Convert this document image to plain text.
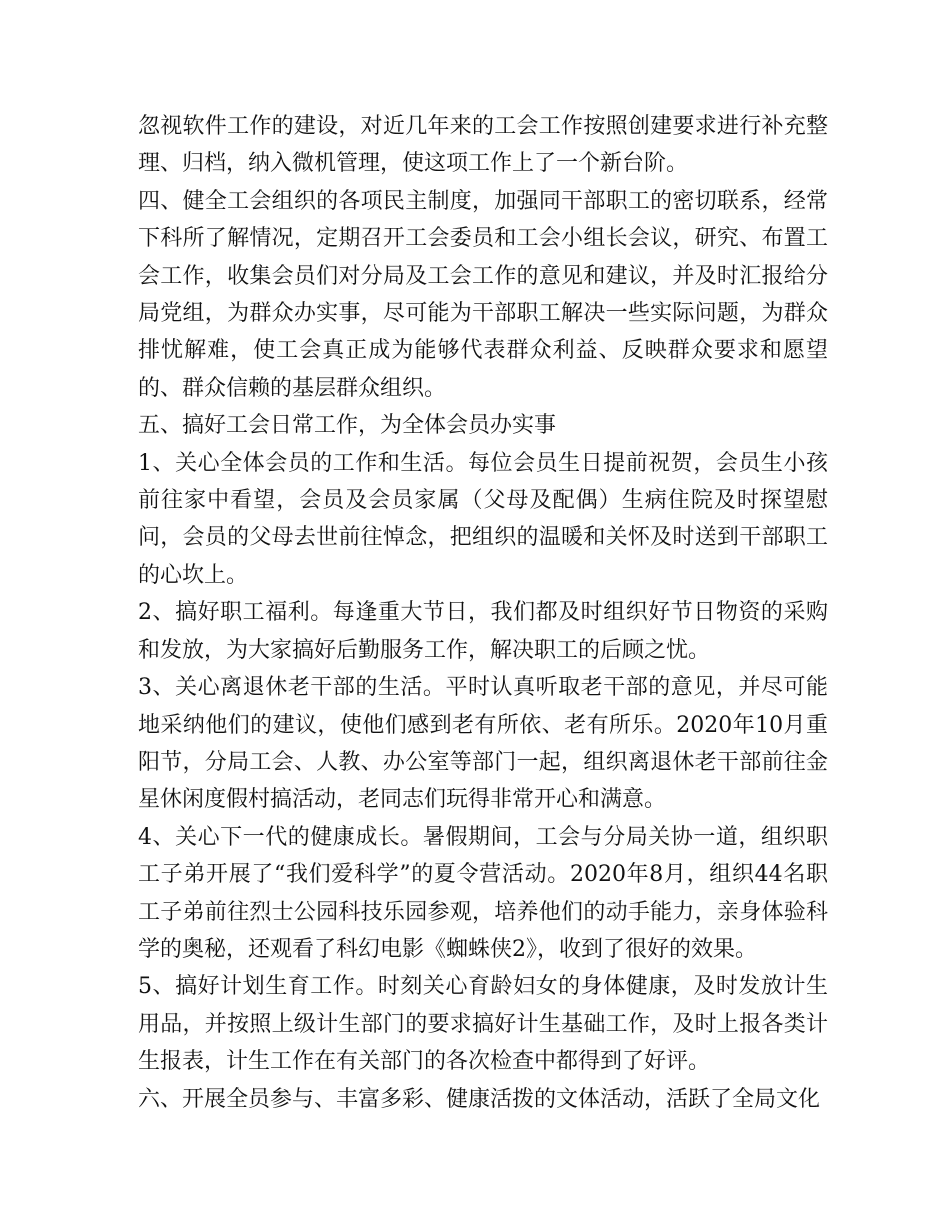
忽视软件工作的建设，对近几年来的工会工作按照创建要求进行补充整理、归档，纳入微机管理，使这项工作上了一个新台阶。

四、健全工会组织的各项民主制度，加强同干部职工的密切联系，经常下科所了解情况，定期召开工会委员和工会小组长会议，研究、布置工会工作，收集会员们对分局及工会工作的意见和建议，并及时汇报给分局党组，为群众办实事，尽可能为干部职工解决一些实际问题，为群众排忧解难，使工会真正成为能够代表群众利益、反映群众要求和愿望的、群众信赖的基层群众组织。

五、搞好工会日常工作，为全体会员办实事

1、关心全体会员的工作和生活。每位会员生日提前祝贺，会员生小孩前往家中看望，会员及会员家属（父母及配偶）生病住院及时探望慰问，会员的父母去世前往悼念，把组织的温暖和关怀及时送到干部职工的心坎上。

2、搞好职工福利。每逢重大节日，我们都及时组织好节日物资的采购和发放，为大家搞好后勤服务工作，解决职工的后顾之忧。

3、关心离退休老干部的生活。平时认真听取老干部的意见，并尽可能地采纳他们的建议，使他们感到老有所依、老有所乐。2020年10月重阳节，分局工会、人教、办公室等部门一起，组织离退休老干部前往金星休闲度假村搞活动，老同志们玩得非常开心和满意。

4、关心下一代的健康成长。暑假期间，工会与分局关协一道，组织职工子弟开展了“我们爱科学”的夏令营活动。2020年8月，组织44名职工子弟前往烈士公园科技乐园参观，培养他们的动手能力，亲身体验科学的奥秘，还观看了科幻电影《蜘蛛侠2》，收到了很好的效果。

5、搞好计划生育工作。时刻关心育龄妇女的身体健康，及时发放计生用品，并按照上级计生部门的要求搞好计生基础工作，及时上报各类计生报表，计生工作在有关部门的各次检查中都得到了好评。

六、开展全员参与、丰富多彩、健康活拨的文体活动，活跃了全局文化
